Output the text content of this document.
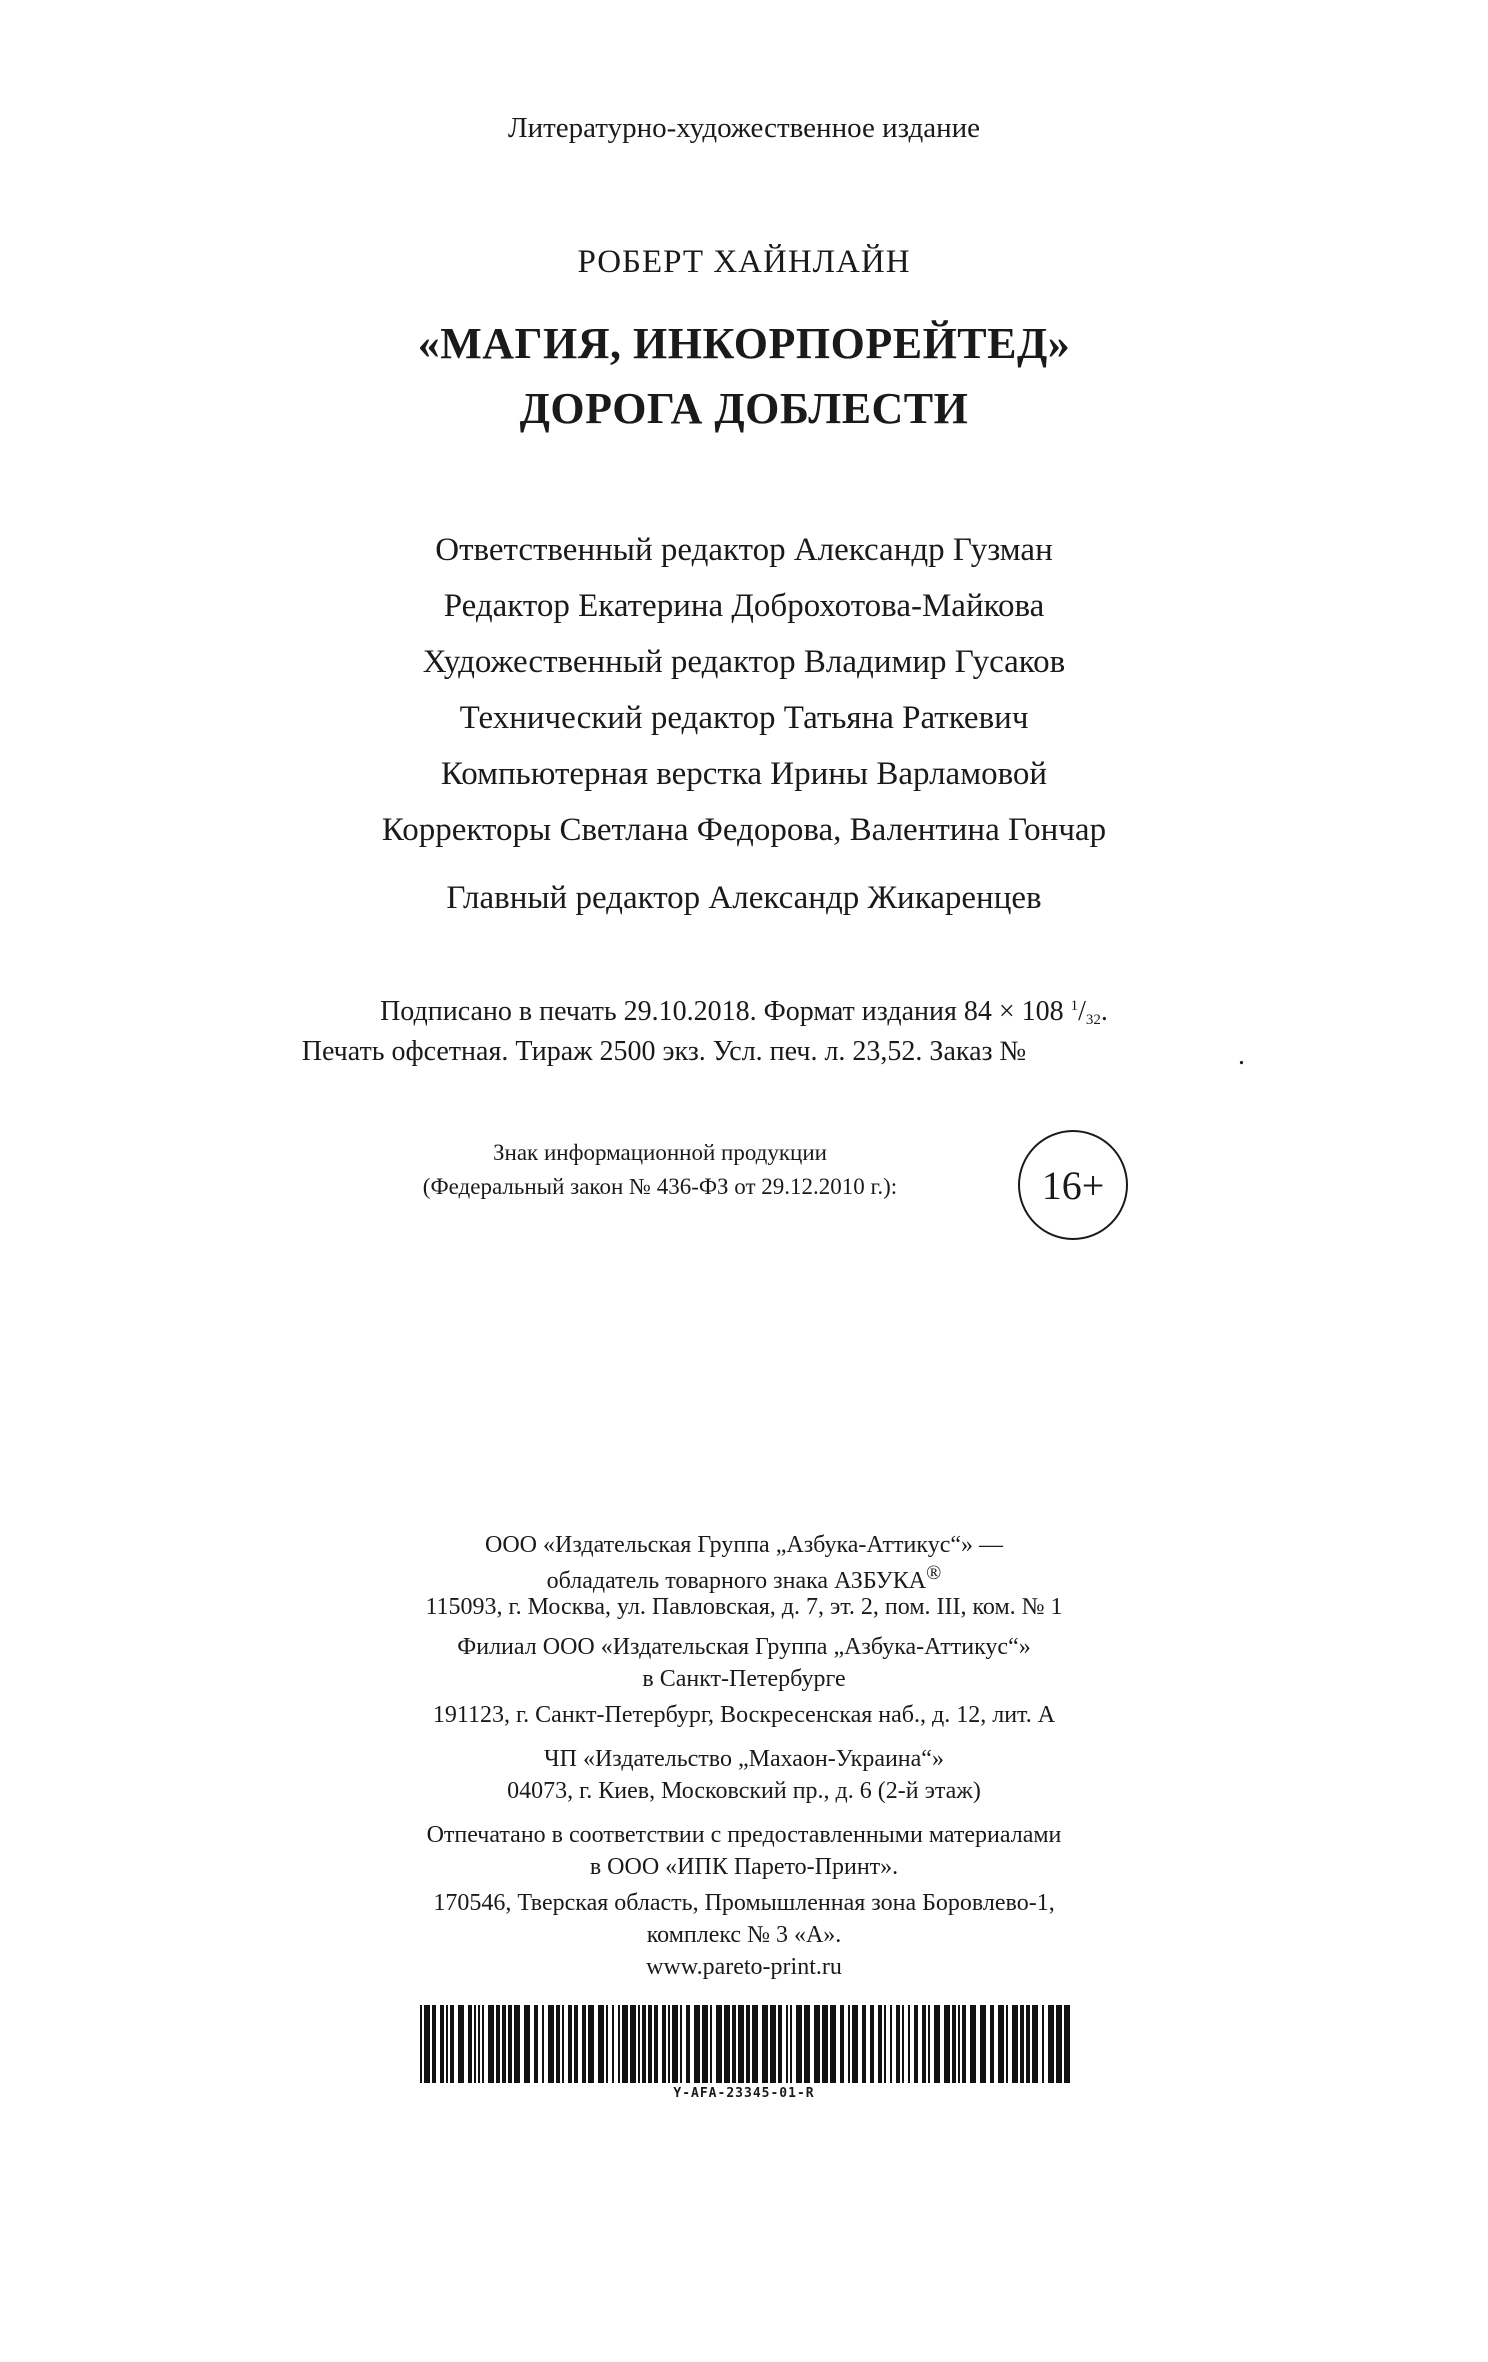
Литературно-художественное издание
РОБЕРТ ХАЙНЛАЙН
«МАГИЯ, ИНКОРПОРЕЙТЕД»
ДОРОГА ДОБЛЕСТИ
Ответственный редактор Александр Гузман
Редактор Екатерина Доброхотова-Майкова
Художественный редактор Владимир Гусаков
Технический редактор Татьяна Раткевич
Компьютерная верстка Ирины Варламовой
Корректоры Светлана Федорова, Валентина Гончар
Главный редактор Александр Жикаренцев
Подписано в печать 29.10.2018. Формат издания 84 × 108 $^1/_{32}$.
Печать офсетная. Тираж 2500 экз. Усл. печ. л. 23,52. Заказ №	.
Знак информационной продукции
(Федеральный закон № 436-ФЗ от 29.12.2010 г.):	16+
ООО «Издательская Группа „Азбука-Аттикус“» —
обладатель товарного знака АЗБУКА®
115093, г. Москва, ул. Павловская, д. 7, эт. 2, пом. III, ком. № 1
Филиал ООО «Издательская Группа „Азбука-Аттикус“»
в Санкт-Петербурге
191123, г. Санкт-Петербург, Воскресенская наб., д. 12, лит. А
ЧП «Издательство „Махаон-Украина“»
04073, г. Киев, Московский пр., д. 6 (2-й этаж)
Отпечатано в соответствии с предоставленными материалами
в ООО «ИПК Парето-Принт».
170546, Тверская область, Промышленная зона Боровлево-1,
комплекс № 3 «А».
www.pareto-print.ru
Y-AFA-23345-01-R
